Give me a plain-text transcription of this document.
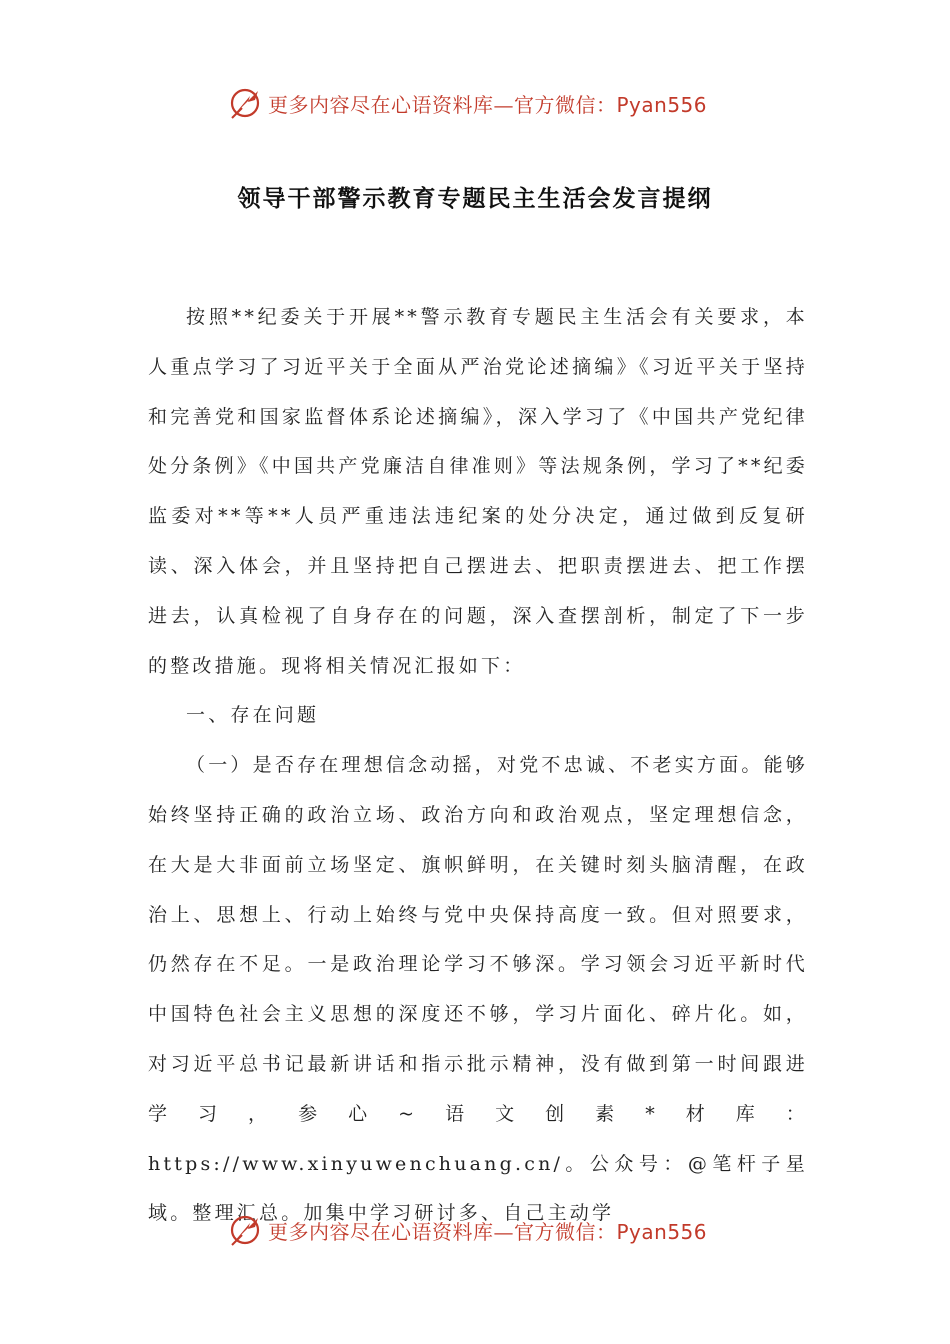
更多内容尽在心语资料库—官方微信：Pyan556
领导干部警示教育专题民主生活会发言提纲

按照**纪委关于开展**警示教育专题民主生活会有关要求，本人重点学习了习近平关于全面从严治党论述摘编》《习近平关于坚持和完善党和国家监督体系论述摘编》，深入学习了《中国共产党纪律处分条例》《中国共产党廉洁自律准则》等法规条例，学习了**纪委监委对**等**人员严重违法违纪案的处分决定，通过做到反复研读、深入体会，并且坚持把自己摆进去、把职责摆进去、把工作摆进去，认真检视了自身存在的问题，深入查摆剖析，制定了下一步的整改措施。现将相关情况汇报如下：

一、存在问题

（一）是否存在理想信念动摇，对党不忠诚、不老实方面。能够始终坚持正确的政治立场、政治方向和政治观点，坚定理想信念，在大是大非面前立场坚定、旗帜鲜明，在关键时刻头脑清醒，在政治上、思想上、行动上始终与党中央保持高度一致。但对照要求，仍然存在不足。一是政治理论学习不够深。学习领会习近平新时代中国特色社会主义思想的深度还不够，学习片面化、碎片化。如，对习近平总书记最新讲话和指示批示精神，没有做到第一时间跟进学习，参心~语文创素*材库：https://www.xinyuwenchuang.cn/。公众号：@笔杆子星域。整理汇总。加集中学习研讨多、自己主动学

更多内容尽在心语资料库—官方微信：Pyan556
